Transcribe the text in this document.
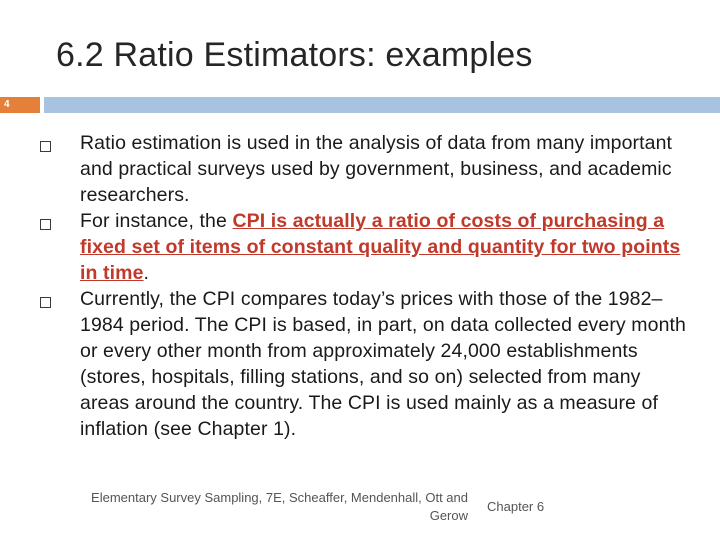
6.2 Ratio Estimators: examples
4
Ratio estimation is used in the analysis of data from many important and practical surveys used by government, business, and academic researchers.
For instance, the CPI is actually a ratio of costs of purchasing a fixed set of items of constant quality and quantity for two points in time.
Currently, the CPI compares today’s prices with those of the 1982–1984 period. The CPI is based, in part, on data collected every month or every other month from approximately 24,000 establishments (stores, hospitals, filling stations, and so on) selected from many areas around the country. The CPI is used mainly as a measure of inflation (see Chapter 1).
Elementary Survey Sampling, 7E, Scheaffer, Mendenhall, Ott and
Gerow
Chapter 6
